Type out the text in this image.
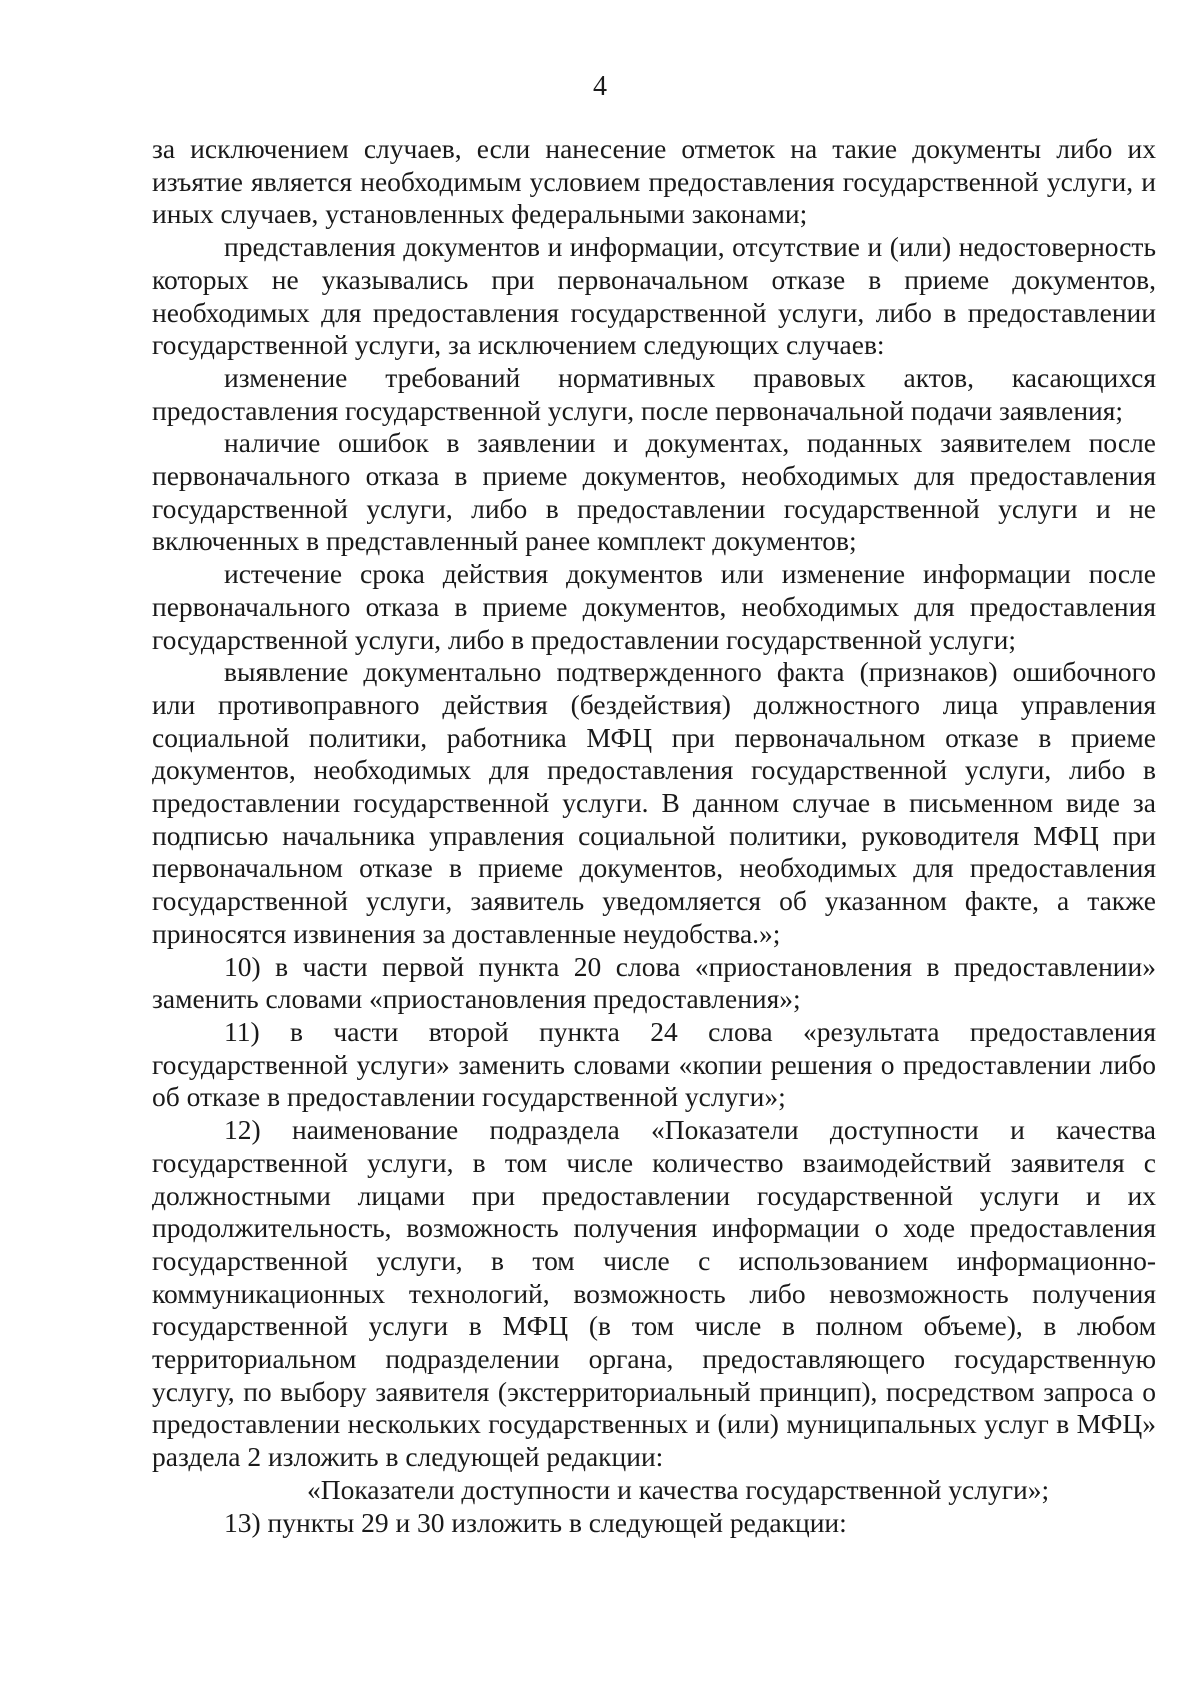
4

за исключением случаев, если нанесение отметок на такие документы либо их изъятие является необходимым условием предоставления государственной услуги, и иных случаев, установленных федеральными законами;

представления документов и информации, отсутствие и (или) недостоверность которых не указывались при первоначальном отказе в приеме документов, необходимых для предоставления государственной услуги, либо в предоставлении государственной услуги, за исключением следующих случаев:

изменение требований нормативных правовых актов, касающихся предоставления государственной услуги, после первоначальной подачи заявления;

наличие ошибок в заявлении и документах, поданных заявителем после первоначального отказа в приеме документов, необходимых для предоставления государственной услуги, либо в предоставлении государственной услуги и не включенных в представленный ранее комплект документов;

истечение срока действия документов или изменение информации после первоначального отказа в приеме документов, необходимых для предоставления государственной услуги, либо в предоставлении государственной услуги;

выявление документально подтвержденного факта (признаков) ошибочного или противоправного действия (бездействия) должностного лица управления социальной политики, работника МФЦ при первоначальном отказе в приеме документов, необходимых для предоставления государственной услуги, либо в предоставлении государственной услуги. В данном случае в письменном виде за подписью начальника управления социальной политики, руководителя МФЦ при первоначальном отказе в приеме документов, необходимых для предоставления государственной услуги, заявитель уведомляется об указанном факте, а также приносятся извинения за доставленные неудобства.»;

10) в части первой пункта 20 слова «приостановления в предоставлении» заменить словами «приостановления предоставления»;

11) в части второй пункта 24 слова «результата предоставления государственной услуги» заменить словами «копии решения о предоставлении либо об отказе в предоставлении государственной услуги»;

12) наименование подраздела «Показатели доступности и качества государственной услуги, в том числе количество взаимодействий заявителя с должностными лицами при предоставлении государственной услуги и их продолжительность, возможность получения информации о ходе предоставления государственной услуги, в том числе с использованием информационно-коммуникационных технологий, возможность либо невозможность получения государственной услуги в МФЦ (в том числе в полном объеме), в любом территориальном подразделении органа, предоставляющего государственную услугу, по выбору заявителя (экстерриториальный принцип), посредством запроса о предоставлении нескольких государственных и (или) муниципальных услуг в МФЦ» раздела 2 изложить в следующей редакции:

«Показатели доступности и качества государственной услуги»;

13) пункты 29 и 30 изложить в следующей редакции:
